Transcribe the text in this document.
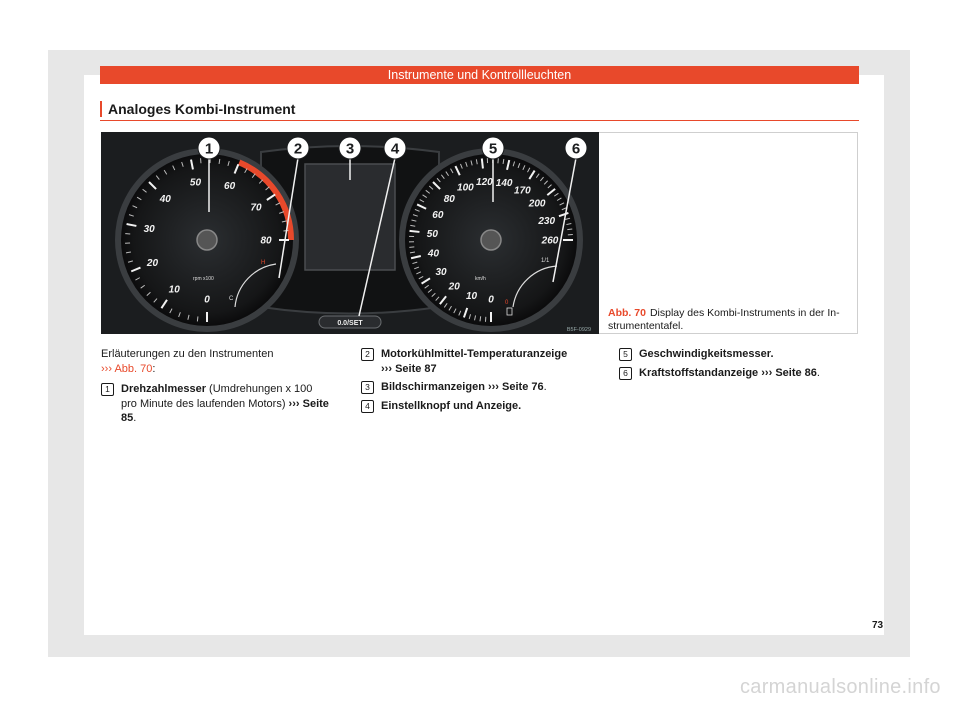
Instrumente und Kontrollleuchten
Analoges Kombi-Instrument
0
10
20
30
40
50 60
70
80
rpm x100
C
H
0
10
20
30
40
50
60
80
100 120 140
170
200
230
260
km/h
0
1/1
0.0/SET
B5F-0929
1	2	3 4	5	6
Abb. 70 Display des Kombi-Instruments in der Instrumententafel.
Erläuterungen zu den Instrumenten
››› Abb. 70:
1	Drehzahlmesser (Umdrehungen x 100 pro Minute des laufenden Motors) ››› Seite 85.
2	Motorkühlmittel-Temperaturanzeige
››› Seite 87
3	Bildschirmanzeigen ››› Seite 76.
4	Einstellknopf und Anzeige.
5	Geschwindigkeitsmesser.
6	Kraftstoffstandanzeige ››› Seite 86.
73
carmanualsonline.info
